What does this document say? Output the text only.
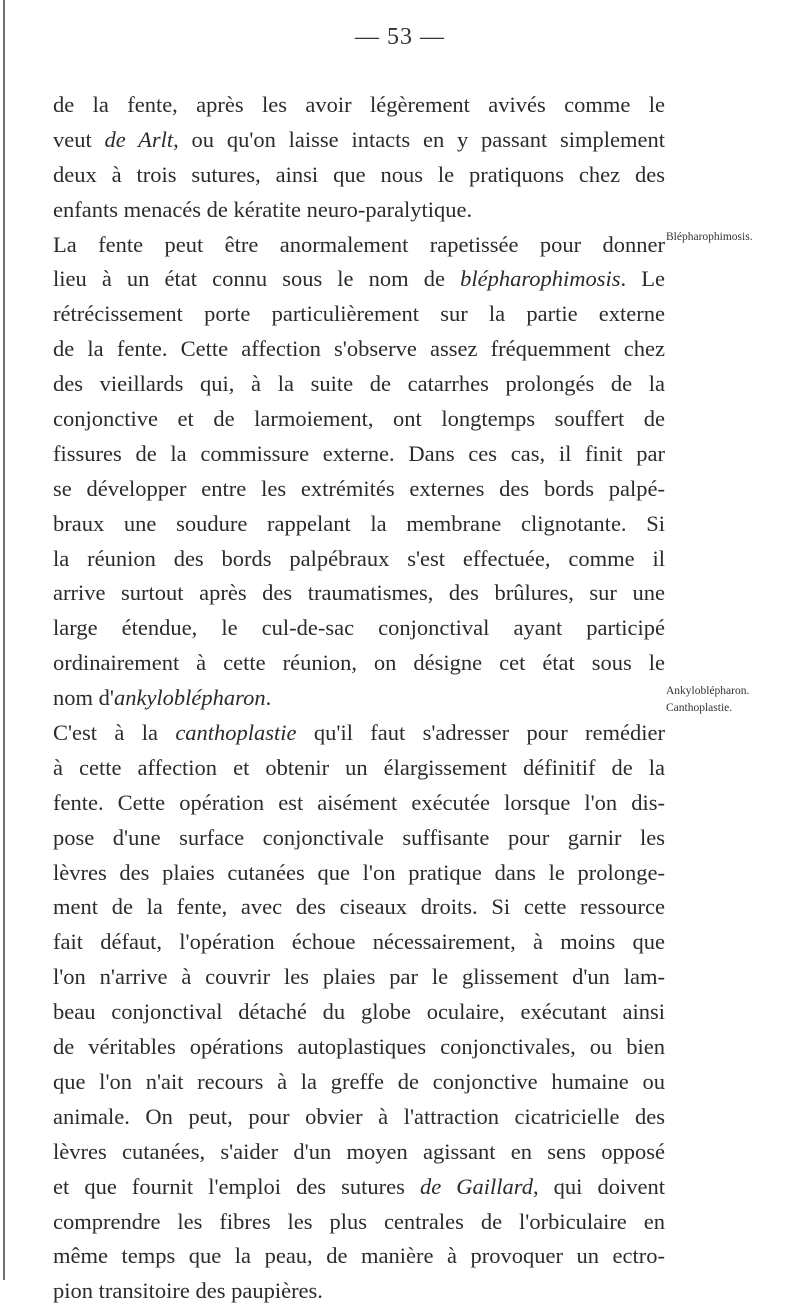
— 53 —
de la fente, après les avoir légèrement avivés comme le
veut de Arlt, ou qu'on laisse intacts en y passant simplement
deux à trois sutures, ainsi que nous le pratiquons chez des
enfants menacés de kératite neuro-paralytique.
La fente peut être anormalement rapetissée pour donner
lieu à un état connu sous le nom de blépharophimosis. Le
rétrécissement porte particulièrement sur la partie externe
de la fente. Cette affection s'observe assez fréquemment chez
des vieillards qui, à la suite de catarrhes prolongés de la
conjonctive et de larmoiement, ont longtemps souffert de
fissures de la commissure externe. Dans ces cas, il finit par
se développer entre les extrémités externes des bords palpé-
braux une soudure rappelant la membrane clignotante. Si
la réunion des bords palpébraux s'est effectuée, comme il
arrive surtout après des traumatismes, des brûlures, sur une
large étendue, le cul-de-sac conjonctival ayant participé
ordinairement à cette réunion, on désigne cet état sous le
nom d'ankyloblépharon.
C'est à la canthoplastie qu'il faut s'adresser pour remédier
à cette affection et obtenir un élargissement définitif de la
fente. Cette opération est aisément exécutée lorsque l'on dis-
pose d'une surface conjonctivale suffisante pour garnir les
lèvres des plaies cutanées que l'on pratique dans le prolonge-
ment de la fente, avec des ciseaux droits. Si cette ressource
fait défaut, l'opération échoue nécessairement, à moins que
l'on n'arrive à couvrir les plaies par le glissement d'un lam-
beau conjonctival détaché du globe oculaire, exécutant ainsi
de véritables opérations autoplastiques conjonctivales, ou bien
que l'on n'ait recours à la greffe de conjonctive humaine ou
animale. On peut, pour obvier à l'attraction cicatricielle des
lèvres cutanées, s'aider d'un moyen agissant en sens opposé
et que fournit l'emploi des sutures de Gaillard, qui doivent
comprendre les fibres les plus centrales de l'orbiculaire en
même temps que la peau, de manière à provoquer un ectro-
pion transitoire des paupières.
Blépharophimosis.
Ankyloblépharon.
Canthoplastie.
